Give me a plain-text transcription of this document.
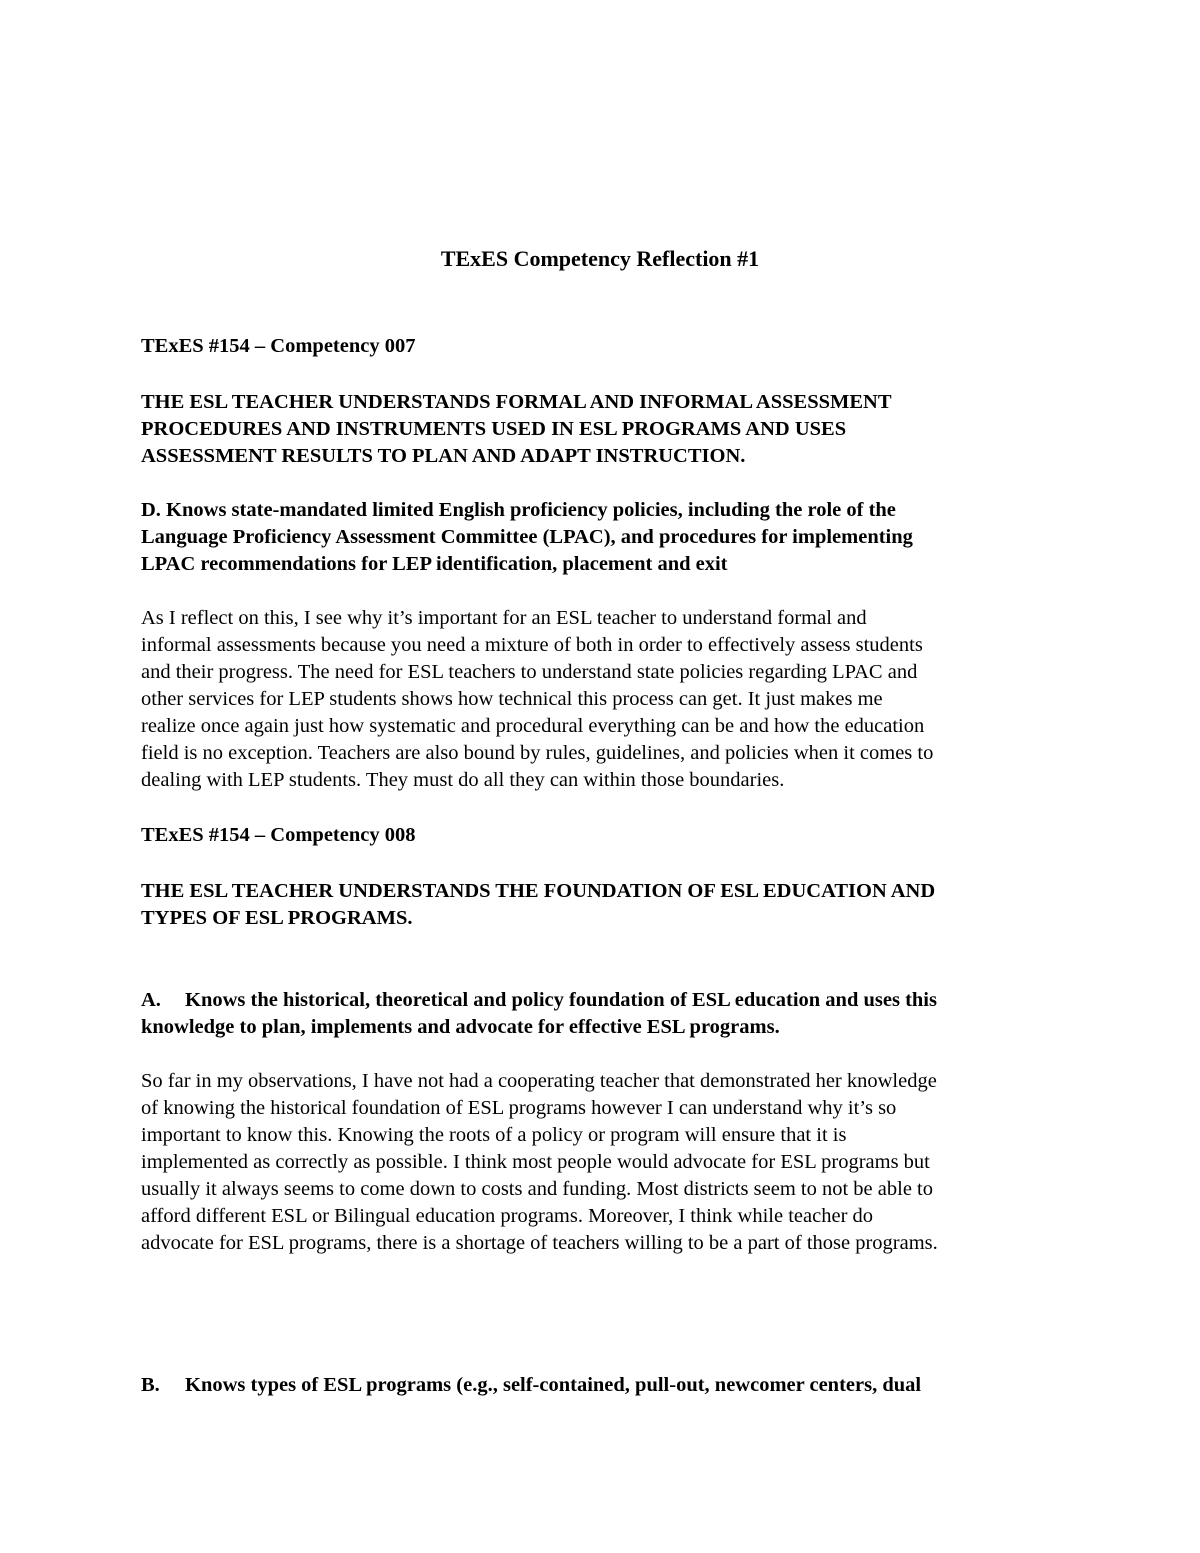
TExES Competency Reflection #1

TExES #154 – Competency 007

THE ESL TEACHER UNDERSTANDS FORMAL AND INFORMAL ASSESSMENT
PROCEDURES AND INSTRUMENTS USED IN ESL PROGRAMS AND USES
ASSESSMENT RESULTS TO PLAN AND ADAPT INSTRUCTION.

D. Knows state-mandated limited English proficiency policies, including the role of the
Language Proficiency Assessment Committee (LPAC), and procedures for implementing
LPAC recommendations for LEP identification, placement and exit

As I reflect on this, I see why it’s important for an ESL teacher to understand formal and
informal assessments because you need a mixture of both in order to effectively assess students
and their progress. The need for ESL teachers to understand state policies regarding LPAC and
other services for LEP students shows how technical this process can get. It just makes me
realize once again just how systematic and procedural everything can be and how the education
field is no exception. Teachers are also bound by rules, guidelines, and policies when it comes to
dealing with LEP students. They must do all they can within those boundaries.

TExES #154 – Competency 008

THE ESL TEACHER UNDERSTANDS THE FOUNDATION OF ESL EDUCATION AND
TYPES OF ESL PROGRAMS.

A. Knows the historical, theoretical and policy foundation of ESL education and uses this

knowledge to plan, implements and advocate for effective ESL programs.

So far in my observations, I have not had a cooperating teacher that demonstrated her knowledge
of knowing the historical foundation of ESL programs however I can understand why it’s so
important to know this. Knowing the roots of a policy or program will ensure that it is
implemented as correctly as possible. I think most people would advocate for ESL programs but
usually it always seems to come down to costs and funding. Most districts seem to not be able to
afford different ESL or Bilingual education programs. Moreover, I think while teacher do
advocate for ESL programs, there is a shortage of teachers willing to be a part of those programs.

B. Knows types of ESL programs (e.g., self-contained, pull-out, newcomer centers, dual
